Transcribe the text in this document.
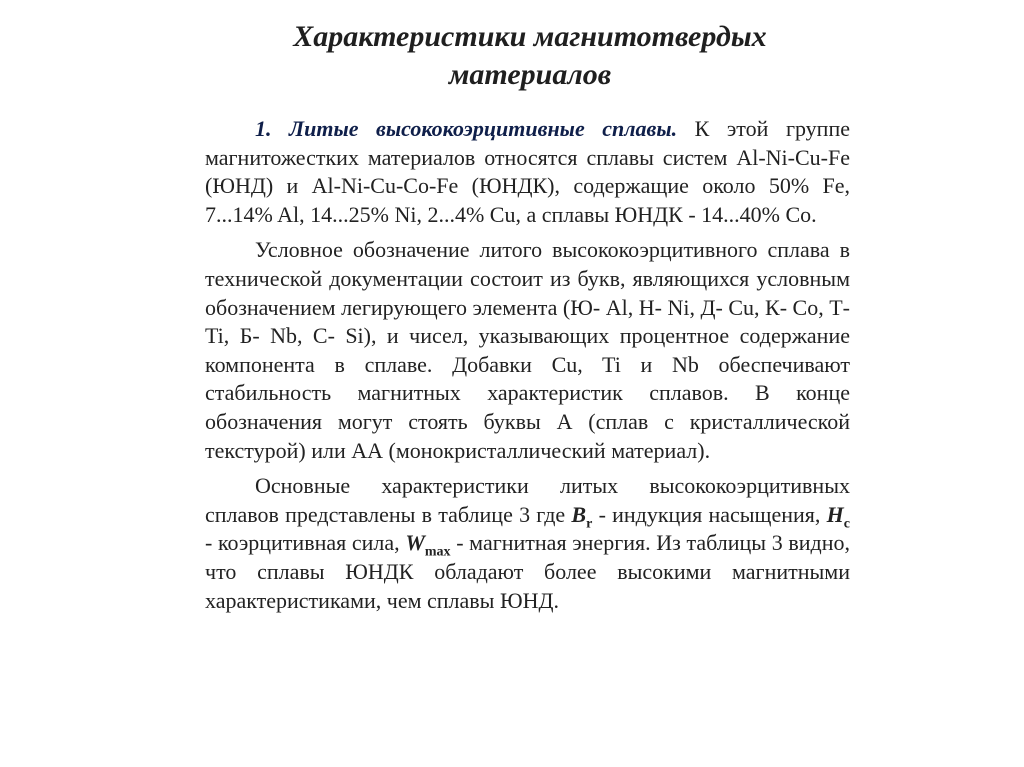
Характеристики магнитотвердых
материалов

1. Литые высококоэрцитивные сплавы. К этой группе магнитожестких материалов относятся сплавы систем Al-Ni-Cu-Fe (ЮНД) и Al-Ni-Cu-Co-Fe (ЮНДК), содержащие около 50% Fe, 7...14% Al, 14...25% Ni, 2...4% Cu, а сплавы ЮНДК - 14...40% Co.

Условное обозначение литого высококоэрцитивного сплава в технической документации состоит из букв, являющихся условным обозначением легирующего элемента (Ю- Al, Н- Ni, Д- Cu, К- Co, Т- Ti, Б- Nb, С- Si), и чисел, указывающих процентное содержание компонента в сплаве. Добавки Cu, Ti и Nb обеспечивают стабильность магнитных характеристик сплавов. В конце обозначения могут стоять буквы А (сплав с кристаллической текстурой) или АА (монокристаллический материал).

Основные характеристики литых высококоэрцитивных сплавов представлены в таблице 3 где $B_r$ - индукция насыщения, $H_c$ - коэрцитивная сила, $W_{max}$ - магнитная энергия. Из таблицы 3 видно, что сплавы ЮНДК обладают более высокими магнитными характеристиками, чем сплавы ЮНД.
